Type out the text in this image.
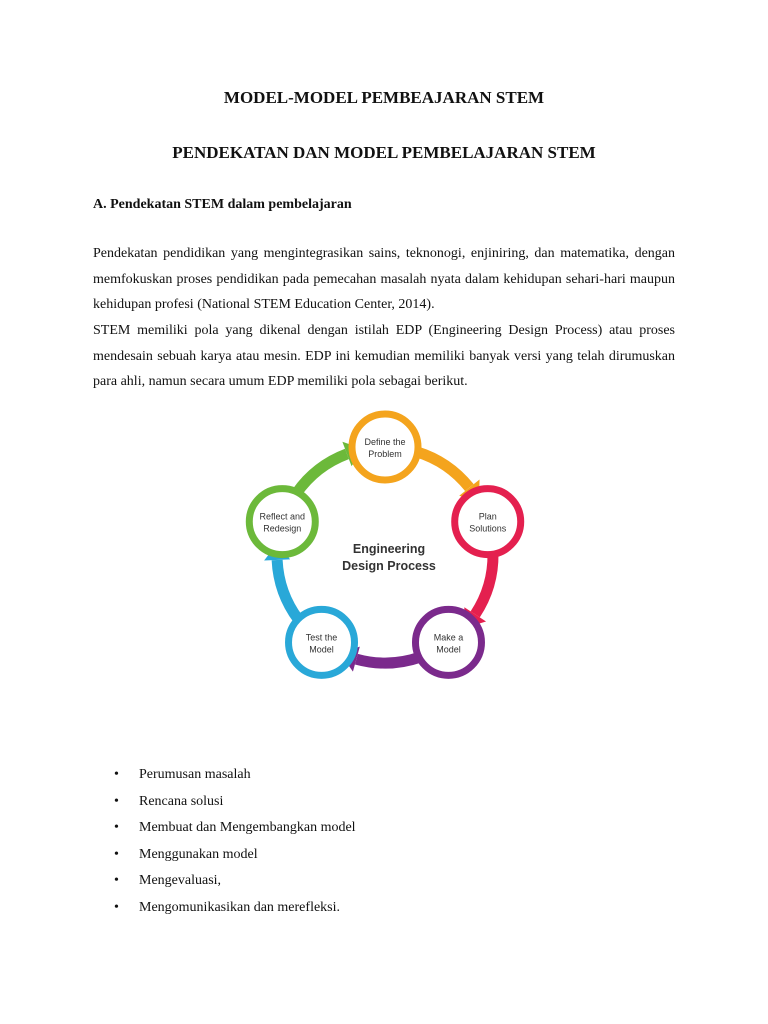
MODEL-MODEL PEMBEAJARAN STEM
PENDEKATAN DAN MODEL PEMBELAJARAN STEM
A. Pendekatan STEM dalam pembelajaran

Pendekatan pendidikan yang mengintegrasikan sains, teknonogi, enjiniring, dan matematika, dengan memfokuskan proses pendidikan pada pemecahan masalah nyata dalam kehidupan sehari-hari maupun kehidupan profesi (National STEM Education Center, 2014).

STEM memiliki pola yang dikenal dengan istilah EDP (Engineering Design Process) atau proses mendesain sebuah karya atau mesin. EDP ini kemudian memiliki banyak versi yang telah dirumuskan para ahli, namun secara umum EDP memiliki pola sebagai berikut.

Define the
Problem
Plan
Solutions
Make a
Model
Test the
Model
Reflect and
Redesign
Engineering
Design Process
• Perumusan masalah
• Rencana solusi
• Membuat dan Mengembangkan model
• Menggunakan model
• Mengevaluasi,
• Mengomunikasikan dan merefleksi.
